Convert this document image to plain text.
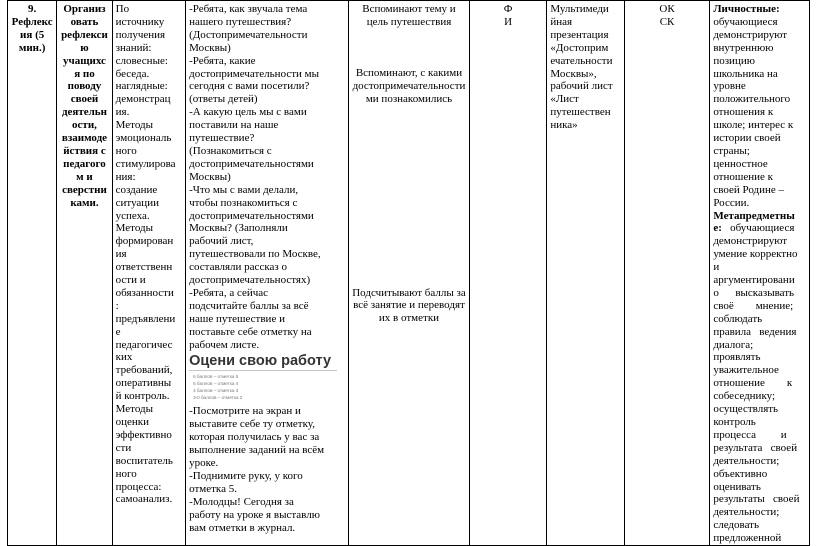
9.
Рефлекс
ия (5
мин.)

Организ
овать
рефлекси
ю
учащихс
я по
поводу
своей
деятельн
ости,
взаимоде
йствия с
педагого
м и
сверстни
ками.

По
источнику
получения
знаний:
словесные:
беседа.
наглядные:
демонстрац
ия.
Методы
эмоциональ
ного
стимулирова
ния:
создание
ситуации
успеха.
Методы
формирован
ия
ответственн
ости и
обязанности
:
предъявлени
е
педагогичес
ких
требований,
оперативны
й контроль.
Методы
оценки
эффективно
сти
воспитатель
ного
процесса:
самоанализ.

-Ребята, как звучала тема
нашего путешествия?
(Достопримечательности
Москвы)
-Ребята, какие
достопримечательности мы
сегодня с вами посетили?
(ответы детей)
-А какую цель мы с вами
поставили на наше
путешествие?
(Познакомиться с
достопримечательностями
Москвы)
-Что мы с вами делали,
чтобы познакомиться с
достопримечательностями
Москвы? (Заполняли
рабочий лист,
путешествовали по Москве,
составляли рассказ о
достопримечательностях)
-Ребята, а сейчас
подсчитайте баллы за всё
наше путешествие и
поставьте себе отметку на
рабочем листе.
Оцени свою работу
6 баллов – отметка 5
5 баллов – отметка 4
4 баллов – отметка 3
3-0 баллов – отметка 2
-Посмотрите на экран и
выставите себе ту отметку,
которая получилась у вас за
выполнение заданий на всём
уроке.
-Поднимите руку, у кого
отметка 5.
-Молодцы! Сегодня за
работу на уроке я выставлю
вам отметки в журнал.

Вспоминают тему и
цель путешествия
Вспоминают, с какими
достопримечательности
ми познакомились
Подсчитывают баллы за
всё занятие и переводят
их в отметки

Ф
И

Мультимеди
йная
презентация
«Достоприм
ечательности
Москвы»,
рабочий лист
«Лист
путешествен
ника»

ОК
СК

Личностные:
обучающиеся
демонстрируют
внутреннюю
позицию
школьника на
уровне
положительного
отношения к
школе; интерес к
истории своей
страны;
ценностное
отношение к
своей Родине –
России.
Метапредметны
е: обучающиеся
демонстрируют
умение корректно
и
аргументировани
о      высказывать
своё        мнение;
соблюдать
правила   ведения
диалога;
проявлять
уважительное
отношение        к
собеседнику;
осуществлять
контроль
процесса         и
результата   своей
деятельности;
объективно
оценивать
результаты   своей
деятельности;
следовать
предложенной
